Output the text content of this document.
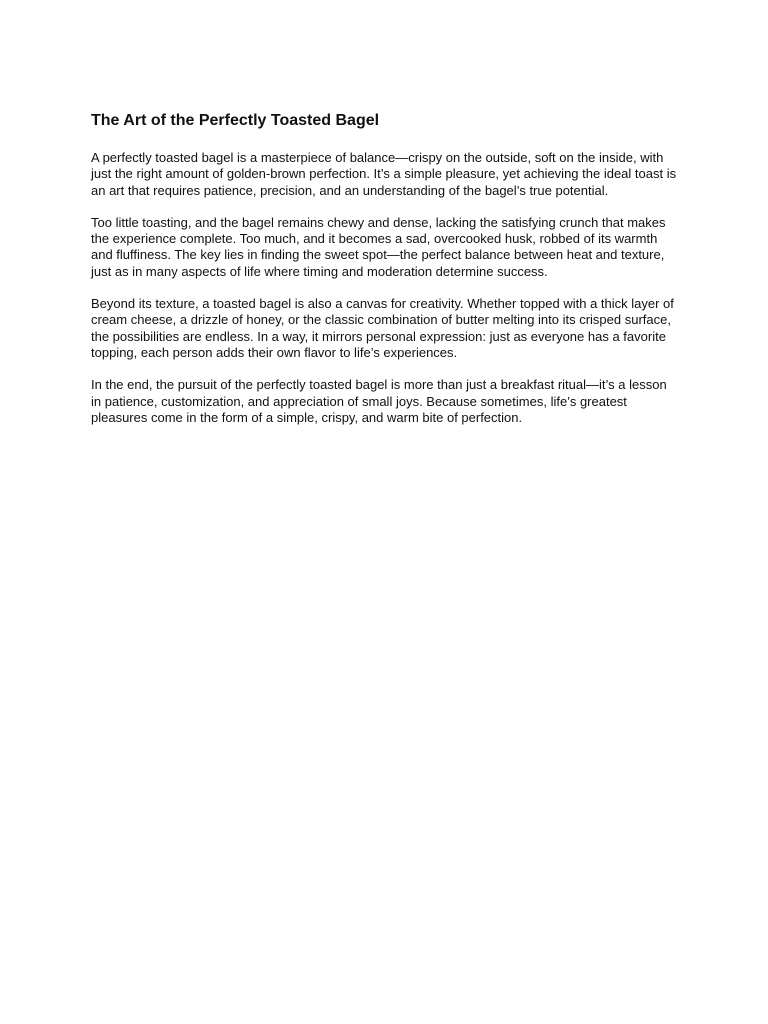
The Art of the Perfectly Toasted Bagel

A perfectly toasted bagel is a masterpiece of balance—crispy on the outside, soft on the inside, with just the right amount of golden-brown perfection. It’s a simple pleasure, yet achieving the ideal toast is an art that requires patience, precision, and an understanding of the bagel’s true potential.

Too little toasting, and the bagel remains chewy and dense, lacking the satisfying crunch that makes the experience complete. Too much, and it becomes a sad, overcooked husk, robbed of its warmth and fluffiness. The key lies in finding the sweet spot—the perfect balance between heat and texture, just as in many aspects of life where timing and moderation determine success.

Beyond its texture, a toasted bagel is also a canvas for creativity. Whether topped with a thick layer of cream cheese, a drizzle of honey, or the classic combination of butter melting into its crisped surface, the possibilities are endless. In a way, it mirrors personal expression: just as everyone has a favorite topping, each person adds their own flavor to life’s experiences.

In the end, the pursuit of the perfectly toasted bagel is more than just a breakfast ritual—it’s a lesson in patience, customization, and appreciation of small joys. Because sometimes, life’s greatest pleasures come in the form of a simple, crispy, and warm bite of perfection.
